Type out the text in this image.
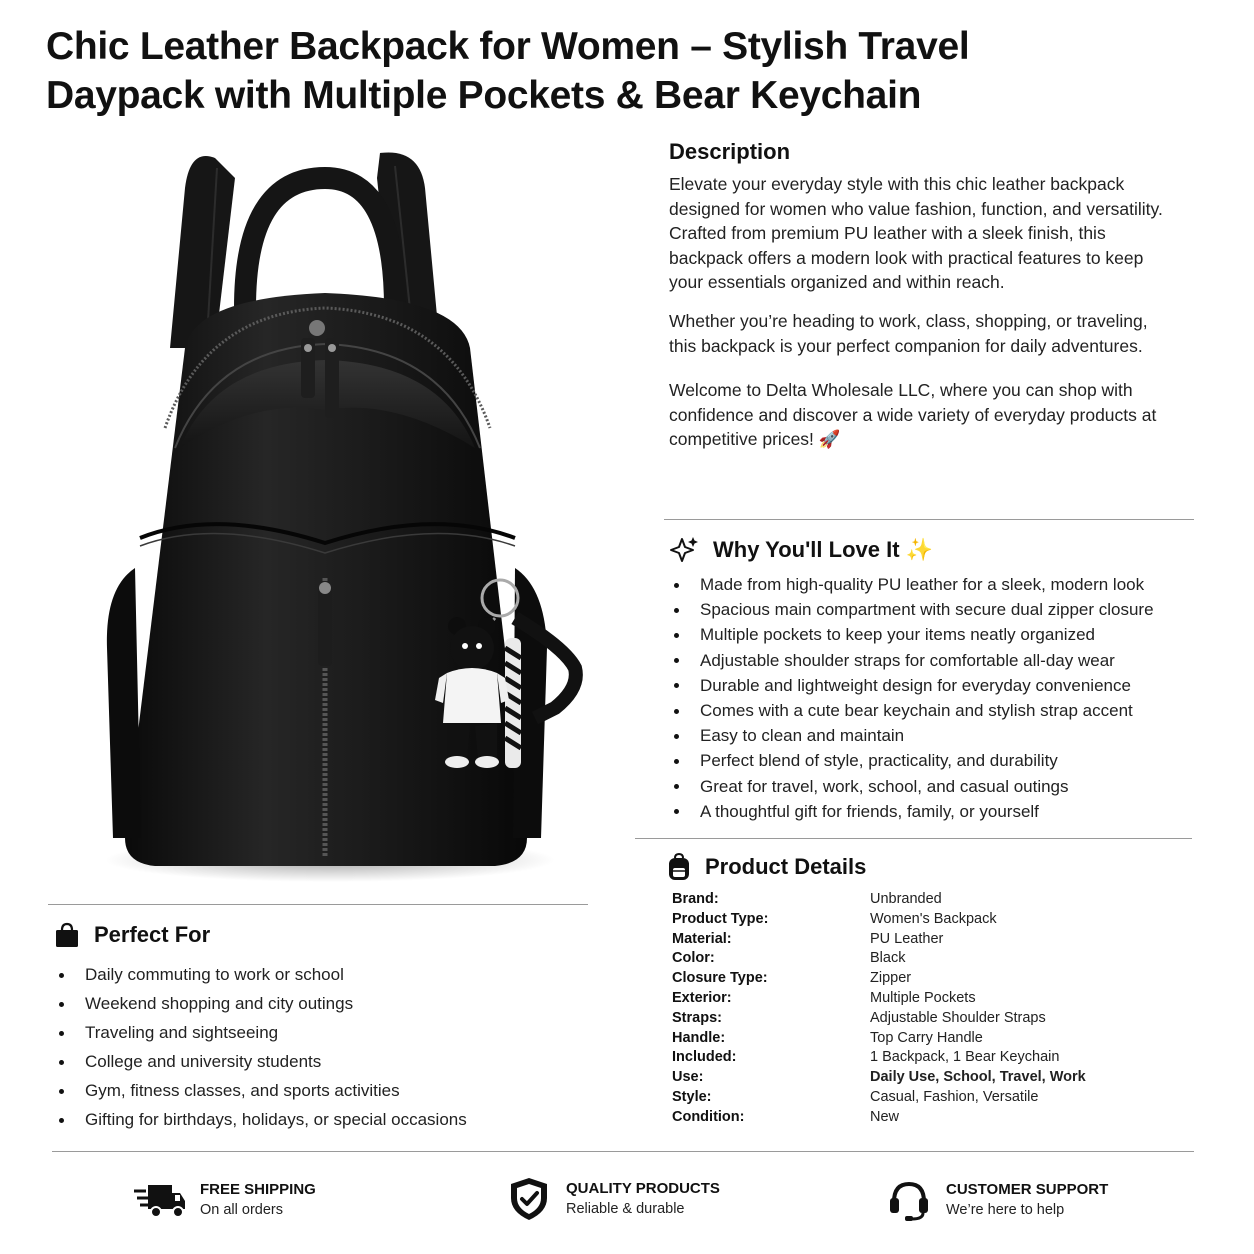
Chic Leather Backpack for Women – Stylish Travel Daypack with Multiple Pockets & Bear Keychain
Description

Elevate your everyday style with this chic leather backpack designed for women who value fashion, function, and versatility. Crafted from premium PU leather with a sleek finish, this backpack offers a modern look with practical features to keep your essentials organized and within reach.

Whether you’re heading to work, class, shopping, or traveling, this backpack is your perfect companion for daily adventures.

Welcome to Delta Wholesale LLC, where you can shop with confidence and discover a wide variety of everyday products at competitive prices! 🚀

Why You'll Love It ✨
Made from high-quality PU leather for a sleek, modern look
Spacious main compartment with secure dual zipper closure
Multiple pockets to keep your items neatly organized
Adjustable shoulder straps for comfortable all-day wear
Durable and lightweight design for everyday convenience
Comes with a cute bear keychain and stylish strap accent
Easy to clean and maintain
Perfect blend of style, practicality, and durability
Great for travel, work, school, and casual outings
A thoughtful gift for friends, family, or yourself
Product Details
Brand:	Unbranded
Product Type:	Women's Backpack
Material:	PU Leather
Color:	Black
Closure Type:	Zipper
Exterior:	Multiple Pockets
Straps:	Adjustable Shoulder Straps
Handle:	Top Carry Handle
Included:	1 Backpack, 1 Bear Keychain
Use:	Daily Use, School, Travel, Work
Style:	Casual, Fashion, Versatile
Condition:	New
Perfect For
Daily commuting to work or school
Weekend shopping and city outings
Traveling and sightseeing
College and university students
Gym, fitness classes, and sports activities
Gifting for birthdays, holidays, or special occasions
FREE SHIPPING
On all orders
QUALITY PRODUCTS
Reliable & durable
CUSTOMER SUPPORT
We’re here to help
